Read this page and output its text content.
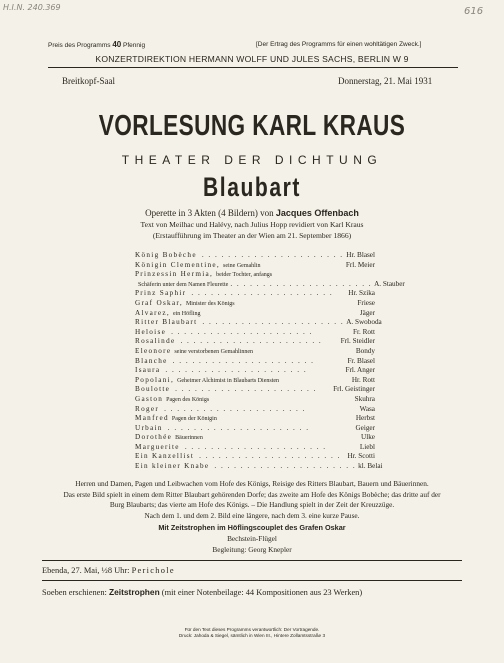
H.I.N. 240.369	616
Preis des Programms 40 Pfennig	[Der Ertrag des Programms für einen wohltätigen Zweck.]
KONZERTDIREKTION HERMANN WOLFF UND JULES SACHS, BERLIN W 9
Breitkopf-Saal	Donnerstag, 21. Mai 1931
VORLESUNG KARL KRAUS
THEATER DER DICHTUNG
Blaubart
Operette in 3 Akten (4 Bildern) von Jacques Offenbach
Text von Meilhac und Halévy, nach Julius Hopp revidiert von Karl Kraus
(Erstaufführung im Theater an der Wien am 21. September 1866)
König Bobèche . . . . . . . . . . . . . . . . . . . . . . Hr. Blasel
Königin Clementine, seine Gemahlin	Frl. Meier
Prinzessin Hermia, beider Tochter, anfangs
Schäferin unter dem Namen Fleurette . . . . . . . . . . . . . . . . . . . . . . A. Stauber
Prinz Saphir . . . . . . . . . . . . . . . . . . . . . .	Hr. Szika
Graf Oskar, Minister des Königs	Friese
Alvarez, ein Höfling	Jäger
Ritter Blaubart . . . . . . . . . . . . . . . . . . . . . . A. Swoboda
Heloise . . . . . . . . . . . . . . . . . . . . . .	Fr. Rott
Rosalinde . . . . . . . . . . . . . . . . . . . . . .	Frl. Steidler
Eleonore seine verstorbenen Gemahlinnen	Bondy
Blanche . . . . . . . . . . . . . . . . . . . . . .	Fr. Blasel
Isaura . . . . . . . . . . . . . . . . . . . . . .	Frl. Anger
Popolani, Geheimer Alchimist in Blaubarts Diensten	Hr. Rott
Boulotte . . . . . . . . . . . . . . . . . . . . . .	Frl. Geistinger
Gaston Pagen des Königs	Skuhra
Roger . . . . . . . . . . . . . . . . . . . . . .	Wasa
Manfred Pagen der Königin	Herbst
Urbain . . . . . . . . . . . . . . . . . . . . . .	Geiger
Dorothée Bäuerinnen	Ulke
Marguerite . . . . . . . . . . . . . . . . . . . . . .	Liebl
Ein Kanzellist . . . . . . . . . . . . . . . . . . . . . . Hr. Scotti
Ein kleiner Knabe . . . . . . . . . . . . . . . . . . . . . . kl. Belai
Herren und Damen, Pagen und Leibwachen vom Hofe des Königs, Reisige des Ritters Blaubart, Bauern und Bäuerinnen.
Das erste Bild spielt in einem dem Ritter Blaubart gehörenden Dorfe; das zweite am Hofe des Königs Bobèche; das dritte auf der
Burg Blaubarts; das vierte am Hofe des Königs. – Die Handlung spielt in der Zeit der Kreuzzüge.
Nach dem 1. und dem 2. Bild eine längere, nach dem 3. eine kurze Pause.
Mit Zeitstrophen im Höflingscouplet des Grafen Oskar
Bechstein-Flügel
Begleitung: Georg Knepler
Ebenda, 27. Mai, ½8 Uhr: Perichole
Soeben erschienen: Zeitstrophen (mit einer Notenbeilage: 44 Kompositionen aus 23 Werken)
Für den Text dieses Programms verantwortlich: Der Vortragende.
Druck: Jahoda & Siegel, sämtlich in Wien III., Hintere Zollamtsstraße 3
